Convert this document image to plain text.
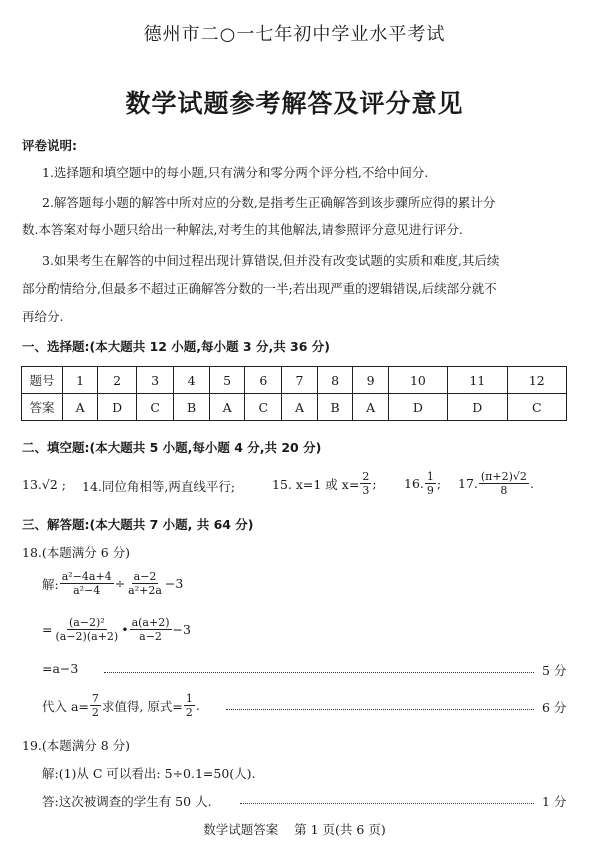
德州市二○一七年初中学业水平考试
数学试题参考解答及评分意见
评卷说明:
1.选择题和填空题中的每小题,只有满分和零分两个评分档,不给中间分.
2.解答题每小题的解答中所对应的分数,是指考生正确解答到该步骤所应得的累计分
数.本答案对每小题只给出一种解法,对考生的其他解法,请参照评分意见进行评分.
3.如果考生在解答的中间过程出现计算错误,但并没有改变试题的实质和难度,其后续
部分酌情给分,但最多不超过正确解答分数的一半;若出现严重的逻辑错误,后续部分就不
再给分.
一、选择题:(本大题共 12 小题,每小题 3 分,共 36 分)
题号	1	2	3	4	5	6	7	8	9	10	11	12
答案	A	D	C	B	A	C	A	B	A	D	D	C
二、填空题:(本大题共 5 小题,每小题 4 分,共 20 分)
13.√2 ; 14.同位角相等,两直线平行;	15. x=1 或 $x= \frac{2}{3}$ ; 16. $\frac{1}{9}$ ; 17. $\frac{(\pi+2)√2}{8}$ .
三、解答题:(本大题共 7 小题, 共 64 分)
18.(本题满分 6 分)
解: $\frac{\text{a²−4a+4}}{\text{a²−4}} \div \frac{a-2}{\text{a²+2a}} -3$
= $\frac{\text{(a−2)²}}{(a-2)(a+2)}$ • $\frac{a(a+2)}{a-2} -3$
=a−3	5 分
代入 $a= \frac{7}{2}$ 求值得, 原式= $\frac{1}{2}$ .	6 分
19.(本题满分 8 分)
解:(1)从 C 可以看出: 5÷0.1=50(人).
答:这次被调查的学生有 50 人.	1 分
数学试题答案    第 1 页(共 6 页)
